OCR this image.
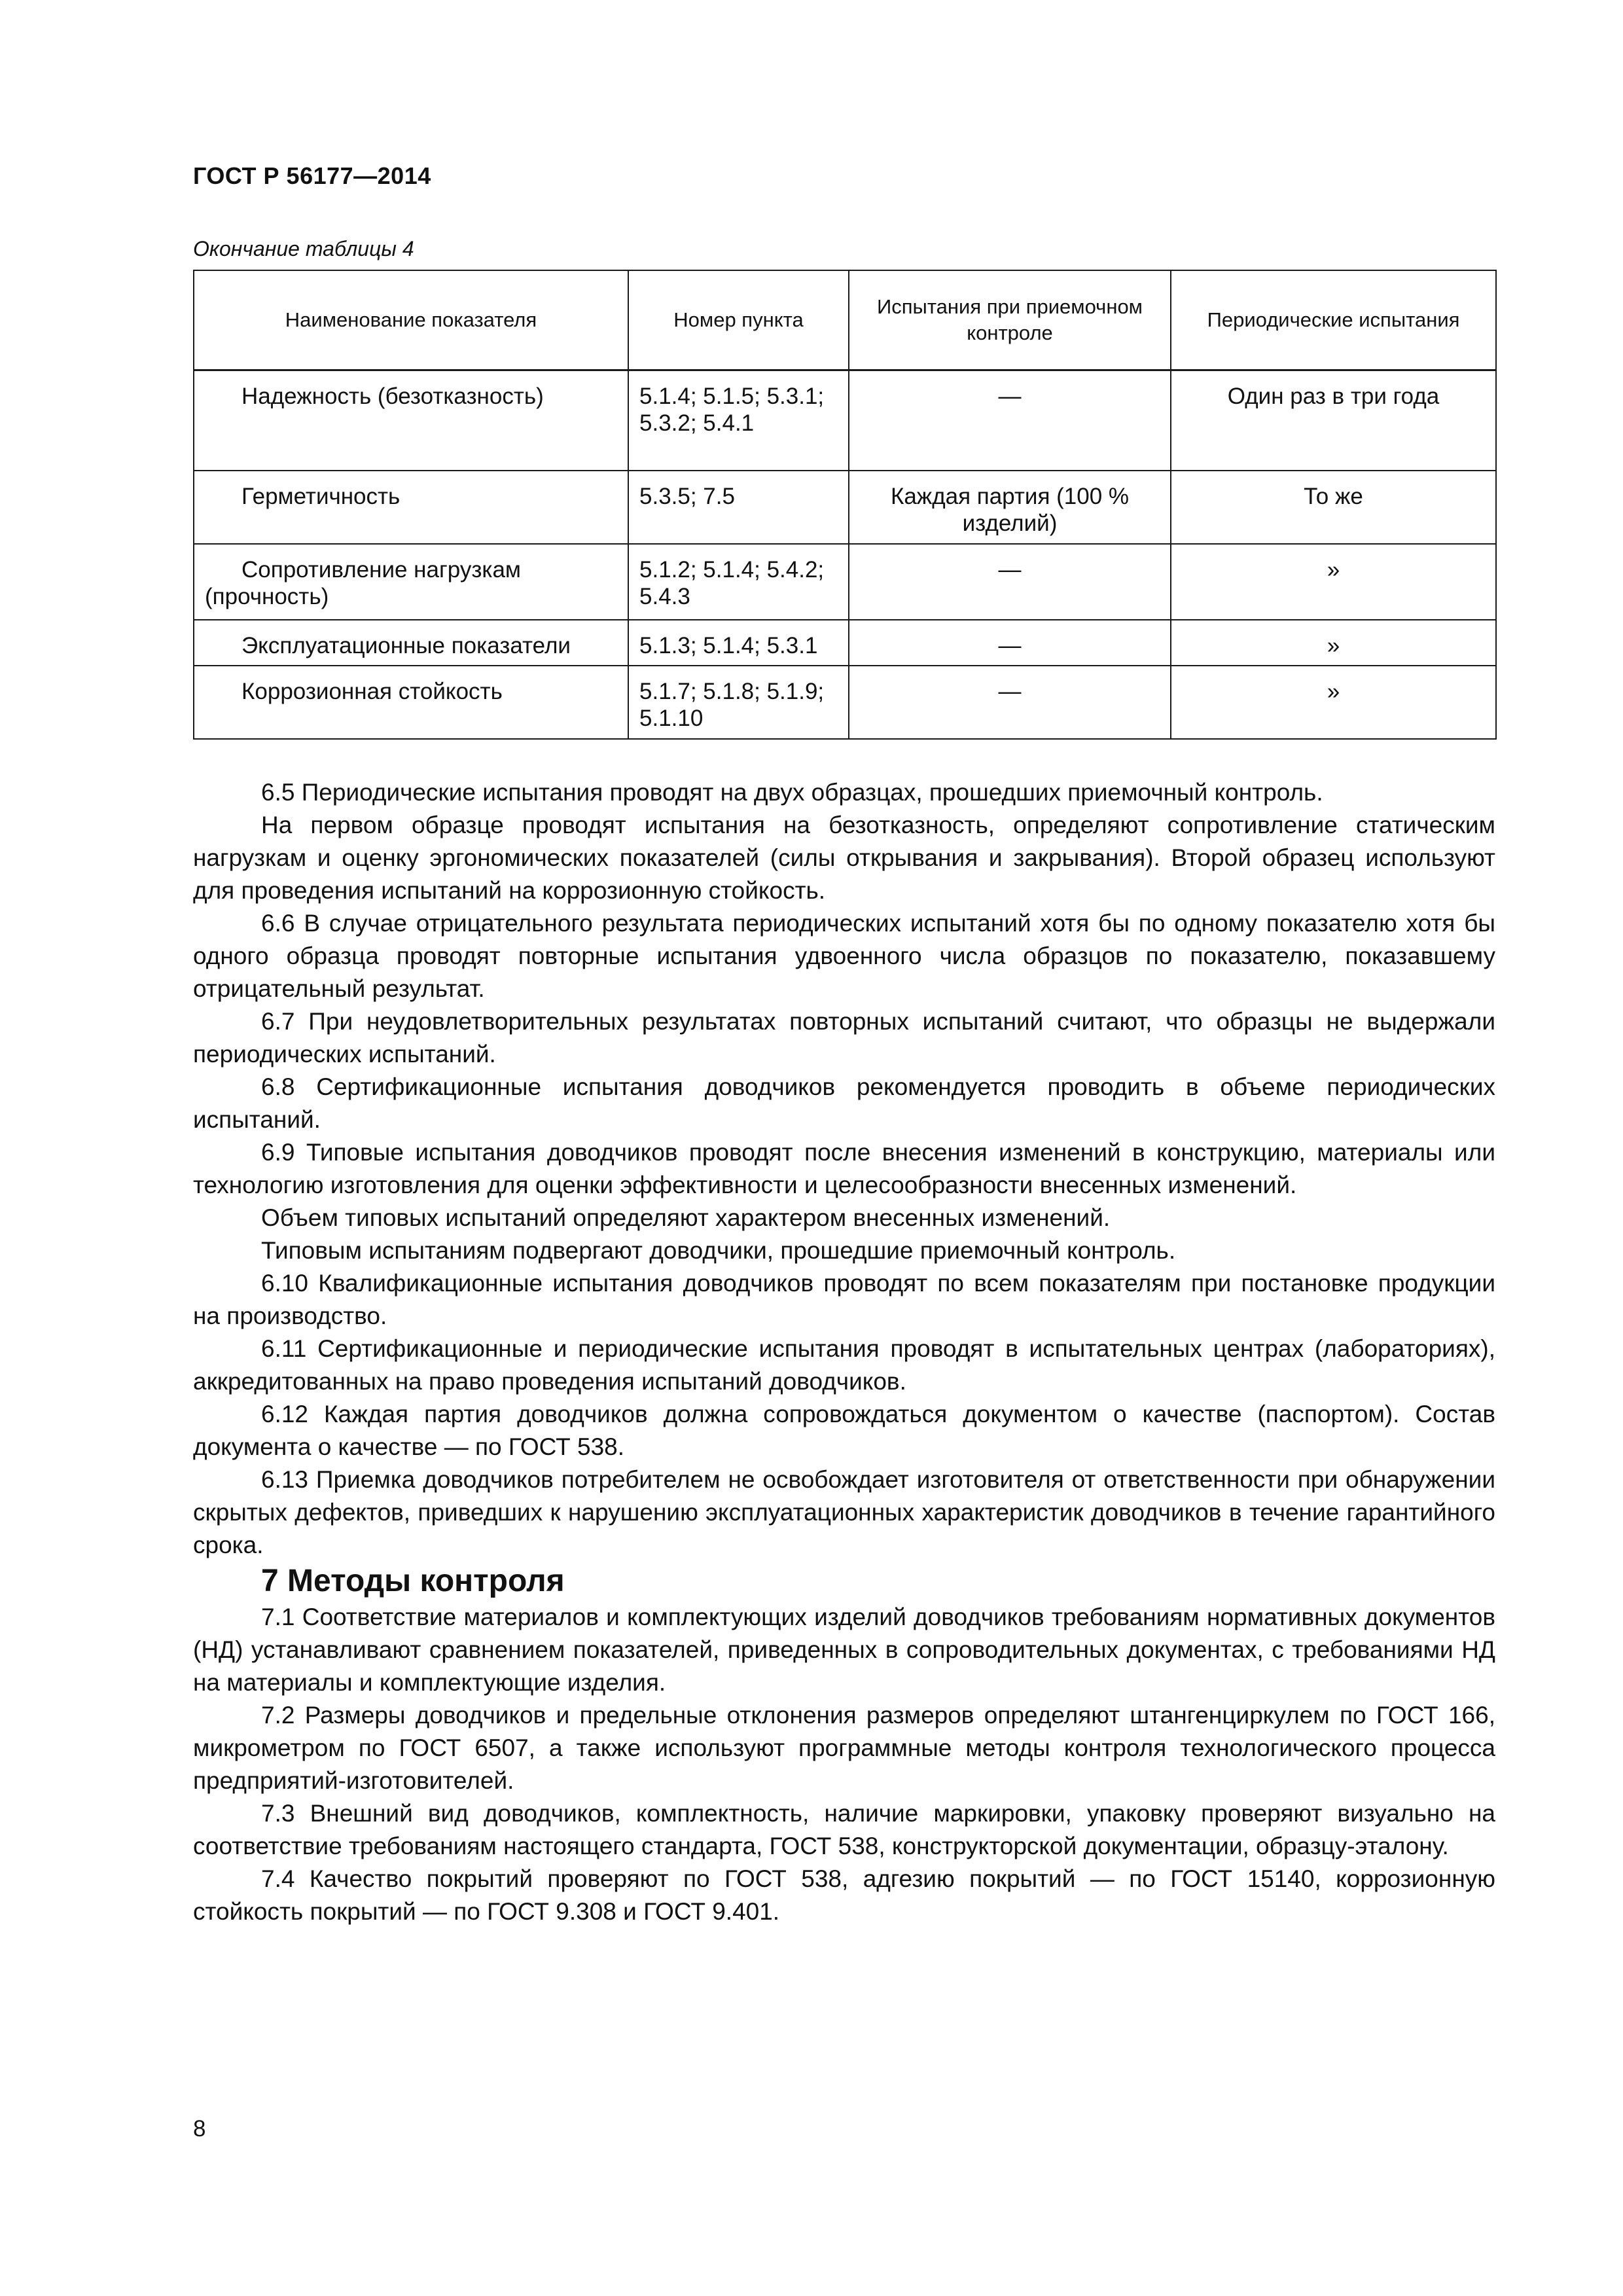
ГОСТ Р 56177—2014
Окончание таблицы 4
Наименование показателя	Номер пункта	Испытания при приемочном контроле	Периодические испытания
Надежность (безотказность)	5.1.4; 5.1.5; 5.3.1; 5.3.2; 5.4.1	—	Один раз в три года
Герметичность	5.3.5; 7.5	Каждая партия (100 % изделий)	То же
Сопротивление нагрузкам (прочность)	5.1.2; 5.1.4; 5.4.2; 5.4.3	—	»
Эксплуатационные показатели	5.1.3; 5.1.4; 5.3.1	—	»
Коррозионная стойкость	5.1.7; 5.1.8; 5.1.9; 5.1.10	—	»

6.5 Периодические испытания проводят на двух образцах, прошедших приемочный контроль.

На первом образце проводят испытания на безотказность, определяют сопротивление статическим нагрузкам и оценку эргономических показателей (силы открывания и закрывания). Второй образец используют для проведения испытаний на коррозионную стойкость.

6.6 В случае отрицательного результата периодических испытаний хотя бы по одному показателю хотя бы одного образца проводят повторные испытания удвоенного числа образцов по показателю, показавшему отрицательный результат.

6.7 При неудовлетворительных результатах повторных испытаний считают, что образцы не выдержали периодических испытаний.

6.8 Сертификационные испытания доводчиков рекомендуется проводить в объеме периодических испытаний.

6.9 Типовые испытания доводчиков проводят после внесения изменений в конструкцию, материалы или технологию изготовления для оценки эффективности и целесообразности внесенных изменений.

Объем типовых испытаний определяют характером внесенных изменений.

Типовым испытаниям подвергают доводчики, прошедшие приемочный контроль.

6.10 Квалификационные испытания доводчиков проводят по всем показателям при постановке продукции на производство.

6.11 Сертификационные и периодические испытания проводят в испытательных центрах (лабораториях), аккредитованных на право проведения испытаний доводчиков.

6.12 Каждая партия доводчиков должна сопровождаться документом о качестве (паспортом). Состав документа о качестве — по ГОСТ 538.

6.13 Приемка доводчиков потребителем не освобождает изготовителя от ответственности при обнаружении скрытых дефектов, приведших к нарушению эксплуатационных характеристик доводчиков в течение гарантийного срока.

7 Методы контроля

7.1 Соответствие материалов и комплектующих изделий доводчиков требованиям нормативных документов (НД) устанавливают сравнением показателей, приведенных в сопроводительных документах, с требованиями НД на материалы и комплектующие изделия.

7.2 Размеры доводчиков и предельные отклонения размеров определяют штангенциркулем по ГОСТ 166, микрометром по ГОСТ 6507, а также используют программные методы контроля технологического процесса предприятий-изготовителей.

7.3 Внешний вид доводчиков, комплектность, наличие маркировки, упаковку проверяют визуально на соответствие требованиям настоящего стандарта, ГОСТ 538, конструкторской документации, образцу-эталону.

7.4 Качество покрытий проверяют по ГОСТ 538, адгезию покрытий — по ГОСТ 15140, коррозионную стойкость покрытий — по ГОСТ 9.308 и ГОСТ 9.401.

8
